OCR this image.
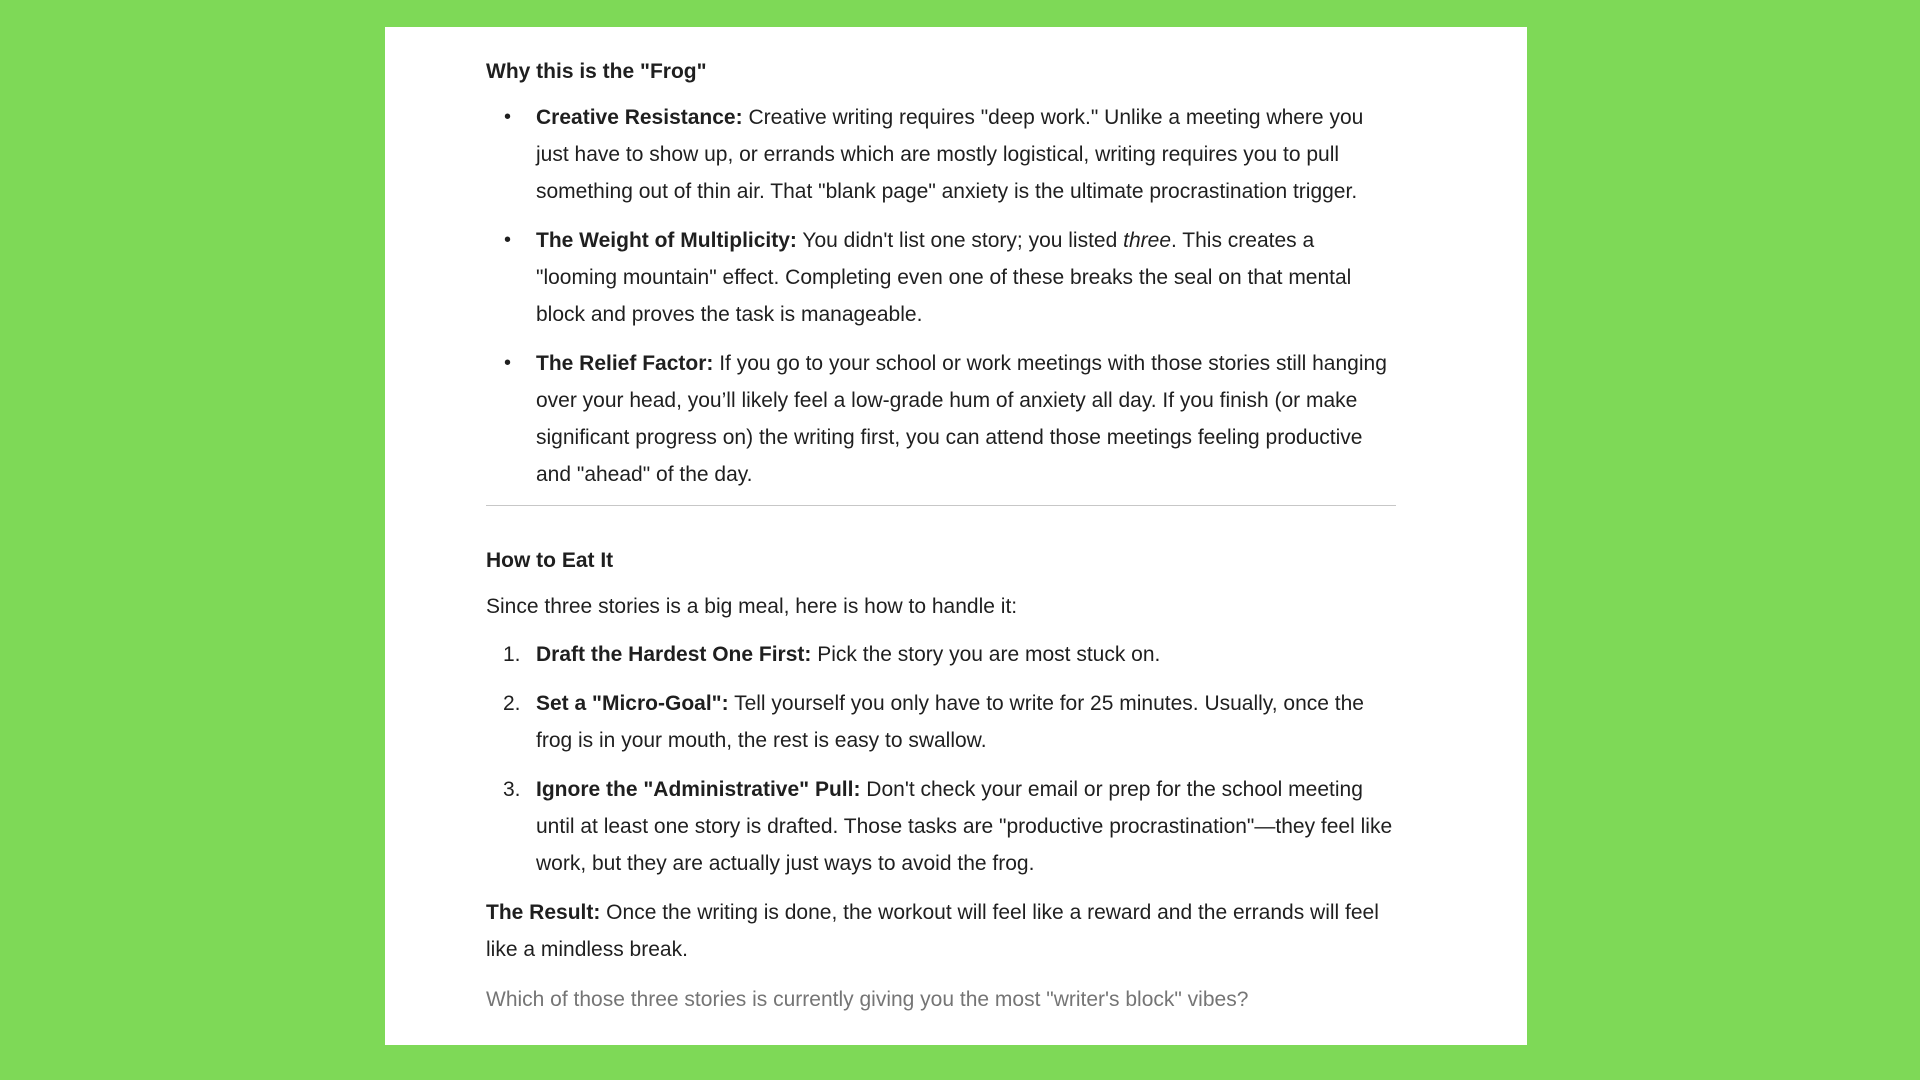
Why this is the "Frog"
• Creative Resistance: Creative writing requires "deep work." Unlike a meeting where you just have to show up, or errands which are mostly logistical, writing requires you to pull something out of thin air. That "blank page" anxiety is the ultimate procrastination trigger.
• The Weight of Multiplicity: You didn't list one story; you listed three. This creates a "looming mountain" effect. Completing even one of these breaks the seal on that mental block and proves the task is manageable.
• The Relief Factor: If you go to your school or work meetings with those stories still hanging over your head, you’ll likely feel a low-grade hum of anxiety all day. If you finish (or make significant progress on) the writing first, you can attend those meetings feeling productive and "ahead" of the day.
How to Eat It

Since three stories is a big meal, here is how to handle it:

1. Draft the Hardest One First: Pick the story you are most stuck on.
2. Set a "Micro-Goal": Tell yourself you only have to write for 25 minutes. Usually, once the frog is in your mouth, the rest is easy to swallow.
3. Ignore the "Administrative" Pull: Don't check your email or prep for the school meeting until at least one story is drafted. Those tasks are "productive procrastination"—they feel like work, but they are actually just ways to avoid the frog.

The Result: Once the writing is done, the workout will feel like a reward and the errands will feel like a mindless break.

Which of those three stories is currently giving you the most "writer's block" vibes?
